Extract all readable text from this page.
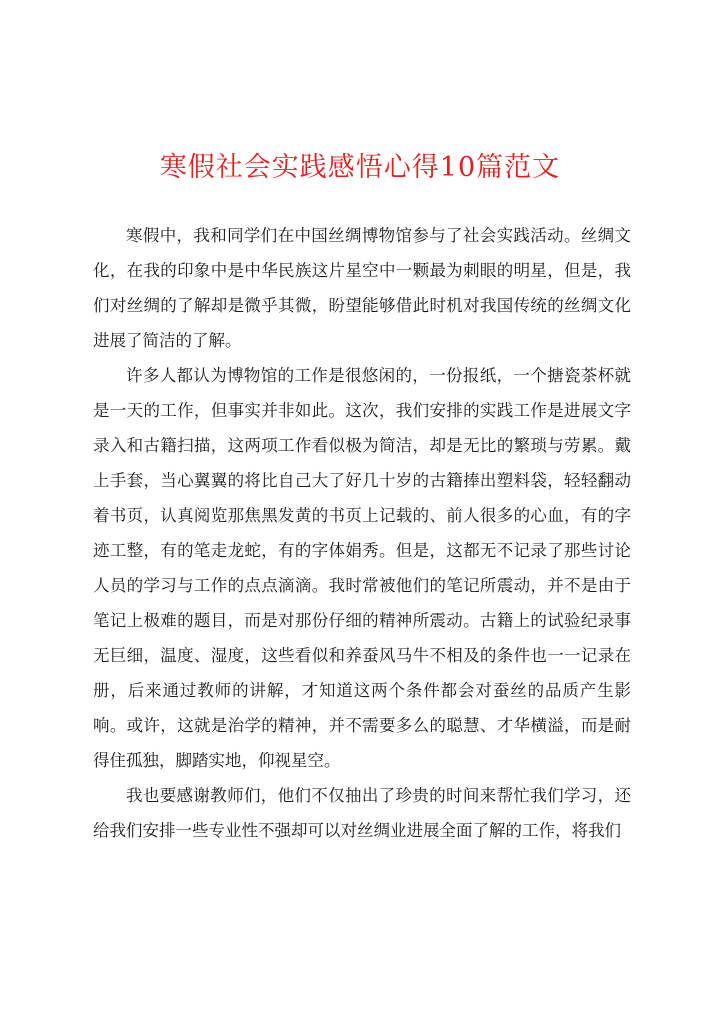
寒假社会实践感悟心得10篇范文

寒假中，我和同学们在中国丝绸博物馆参与了社会实践活动。丝绸文化，在我的印象中是中华民族这片星空中一颗最为刺眼的明星，但是，我们对丝绸的了解却是微乎其微，盼望能够借此时机对我国传统的丝绸文化进展了简洁的了解。

许多人都认为博物馆的工作是很悠闲的，一份报纸，一个搪瓷茶杯就是一天的工作，但事实并非如此。这次，我们安排的实践工作是进展文字录入和古籍扫描，这两项工作看似极为简洁，却是无比的繁琐与劳累。戴上手套，当心翼翼的将比自己大了好几十岁的古籍捧出塑料袋，轻轻翻动着书页，认真阅览那焦黑发黄的书页上记载的、前人很多的心血，有的字迹工整，有的笔走龙蛇，有的字体娟秀。但是，这都无不记录了那些讨论人员的学习与工作的点点滴滴。我时常被他们的笔记所震动，并不是由于笔记上极难的题目，而是对那份仔细的精神所震动。古籍上的试验纪录事无巨细，温度、湿度，这些看似和养蚕风马牛不相及的条件也一一记录在册，后来通过教师的讲解，才知道这两个条件都会对蚕丝的品质产生影响。或许，这就是治学的精神，并不需要多么的聪慧、才华横溢，而是耐得住孤独，脚踏实地，仰视星空。

我也要感谢教师们，他们不仅抽出了珍贵的时间来帮忙我们学习，还给我们安排一些专业性不强却可以对丝绸业进展全面了解的工作，将我们
